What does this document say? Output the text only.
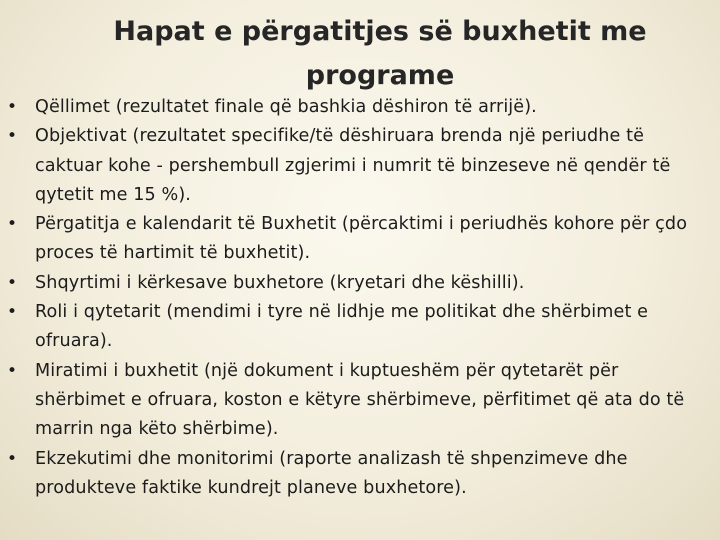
Hapat e përgatitjes së buxhetit me programe
• Qëllimet (rezultatet finale që bashkia dëshiron të arrijë).
• Objektivat (rezultatet specifike/të dëshiruara brenda një periudhe të caktuar kohe - pershembull zgjerimi i numrit të binzeseve në qendër të qytetit me 15 %).
• Përgatitja e kalendarit të Buxhetit (përcaktimi i periudhës kohore për çdo proces të hartimit të buxhetit).
• Shqyrtimi i kërkesave buxhetore (kryetari dhe këshilli).
• Roli i qytetarit (mendimi i tyre në lidhje me politikat dhe shërbimet e ofruara).
• Miratimi i buxhetit (një dokument i kuptueshëm për qytetarët për shërbimet e ofruara, koston e këtyre shërbimeve, përfitimet që ata do të marrin nga këto shërbime).
• Ekzekutimi dhe monitorimi (raporte analizash të shpenzimeve dhe produkteve faktike kundrejt planeve buxhetore).
